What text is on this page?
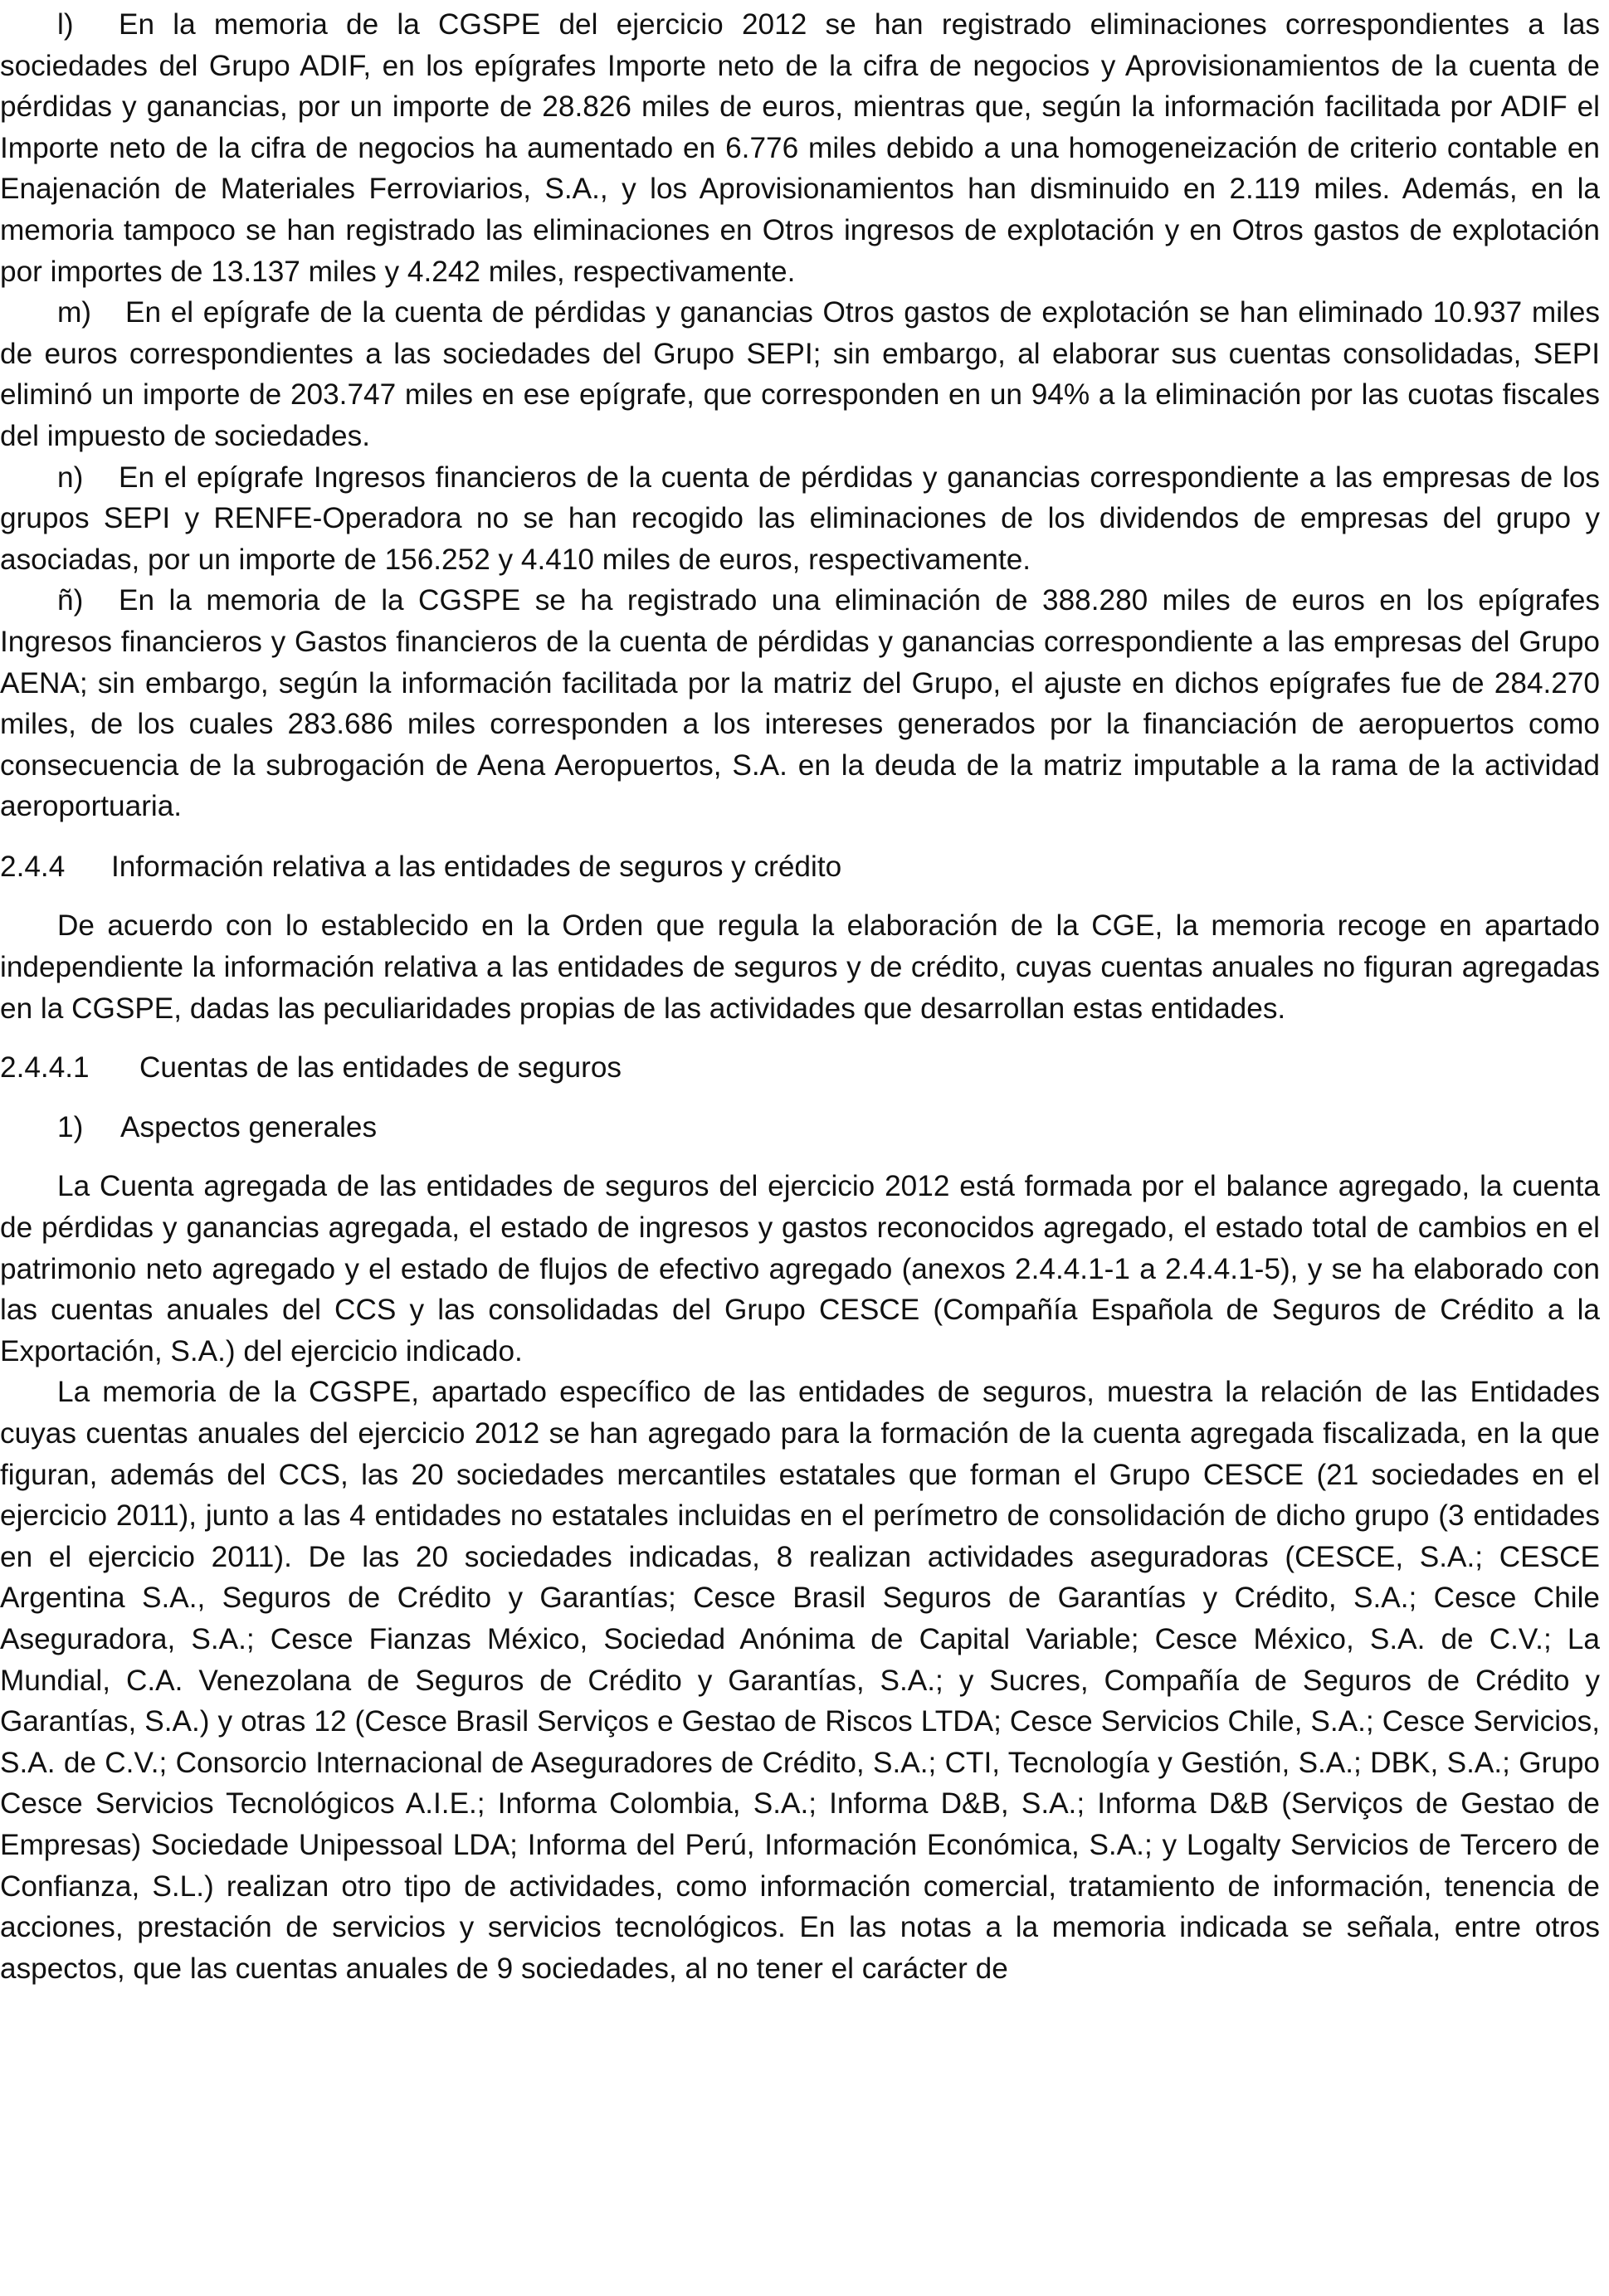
l) En la memoria de la CGSPE del ejercicio 2012 se han registrado eliminaciones correspondientes a las sociedades del Grupo ADIF, en los epígrafes Importe neto de la cifra de negocios y Aprovisionamientos de la cuenta de pérdidas y ganancias, por un importe de 28.826 miles de euros, mientras que, según la información facilitada por ADIF el Importe neto de la cifra de negocios ha aumentado en 6.776 miles debido a una homogeneización de criterio contable en Enajenación de Materiales Ferroviarios, S.A., y los Aprovisionamientos han disminuido en 2.119 miles. Además, en la memoria tampoco se han registrado las eliminaciones en Otros ingresos de explotación y en Otros gastos de explotación por importes de 13.137 miles y 4.242 miles, respectivamente.

m) En el epígrafe de la cuenta de pérdidas y ganancias Otros gastos de explotación se han eliminado 10.937 miles de euros correspondientes a las sociedades del Grupo SEPI; sin embargo, al elaborar sus cuentas consolidadas, SEPI eliminó un importe de 203.747 miles en ese epígrafe, que corresponden en un 94% a la eliminación por las cuotas fiscales del impuesto de sociedades.

n) En el epígrafe Ingresos financieros de la cuenta de pérdidas y ganancias correspondiente a las empresas de los grupos SEPI y RENFE-Operadora no se han recogido las eliminaciones de los dividendos de empresas del grupo y asociadas, por un importe de 156.252 y 4.410 miles de euros, respectivamente.

ñ) En la memoria de la CGSPE se ha registrado una eliminación de 388.280 miles de euros en los epígrafes Ingresos financieros y Gastos financieros de la cuenta de pérdidas y ganancias correspondiente a las empresas del Grupo AENA; sin embargo, según la información facilitada por la matriz del Grupo, el ajuste en dichos epígrafes fue de 284.270 miles, de los cuales 283.686 miles corresponden a los intereses generados por la financiación de aeropuertos como consecuencia de la subrogación de Aena Aeropuertos, S.A. en la deuda de la matriz imputable a la rama de la actividad aeroportuaria.

2.4.4 Información relativa a las entidades de seguros y crédito

De acuerdo con lo establecido en la Orden que regula la elaboración de la CGE, la memoria recoge en apartado independiente la información relativa a las entidades de seguros y de crédito, cuyas cuentas anuales no figuran agregadas en la CGSPE, dadas las peculiaridades propias de las actividades que desarrollan estas entidades.

2.4.4.1 Cuentas de las entidades de seguros

1) Aspectos generales

La Cuenta agregada de las entidades de seguros del ejercicio 2012 está formada por el balance agregado, la cuenta de pérdidas y ganancias agregada, el estado de ingresos y gastos reconocidos agregado, el estado total de cambios en el patrimonio neto agregado y el estado de flujos de efectivo agregado (anexos 2.4.4.1-1 a 2.4.4.1-5), y se ha elaborado con las cuentas anuales del CCS y las consolidadas del Grupo CESCE (Compañía Española de Seguros de Crédito a la Exportación, S.A.) del ejercicio indicado.

La memoria de la CGSPE, apartado específico de las entidades de seguros, muestra la relación de las Entidades cuyas cuentas anuales del ejercicio 2012 se han agregado para la formación de la cuenta agregada fiscalizada, en la que figuran, además del CCS, las 20 sociedades mercantiles estatales que forman el Grupo CESCE (21 sociedades en el ejercicio 2011), junto a las 4 entidades no estatales incluidas en el perímetro de consolidación de dicho grupo (3 entidades en el ejercicio 2011). De las 20 sociedades indicadas, 8 realizan actividades aseguradoras (CESCE, S.A.; CESCE Argentina S.A., Seguros de Crédito y Garantías; Cesce Brasil Seguros de Garantías y Crédito, S.A.; Cesce Chile Aseguradora, S.A.; Cesce Fianzas México, Sociedad Anónima de Capital Variable; Cesce México, S.A. de C.V.; La Mundial, C.A. Venezolana de Seguros de Crédito y Garantías, S.A.; y Sucres, Compañía de Seguros de Crédito y Garantías, S.A.) y otras 12 (Cesce Brasil Serviços e Gestao de Riscos LTDA; Cesce Servicios Chile, S.A.; Cesce Servicios, S.A. de C.V.; Consorcio Internacional de Aseguradores de Crédito, S.A.; CTI, Tecnología y Gestión, S.A.; DBK, S.A.; Grupo Cesce Servicios Tecnológicos A.I.E.; Informa Colombia, S.A.; Informa D&B, S.A.; Informa D&B (Serviços de Gestao de Empresas) Sociedade Unipessoal LDA; Informa del Perú, Información Económica, S.A.; y Logalty Servicios de Tercero de Confianza, S.L.) realizan otro tipo de actividades, como información comercial, tratamiento de información, tenencia de acciones, prestación de servicios y servicios tecnológicos. En las notas a la memoria indicada se señala, entre otros aspectos, que las cuentas anuales de 9 sociedades, al no tener el carácter de
